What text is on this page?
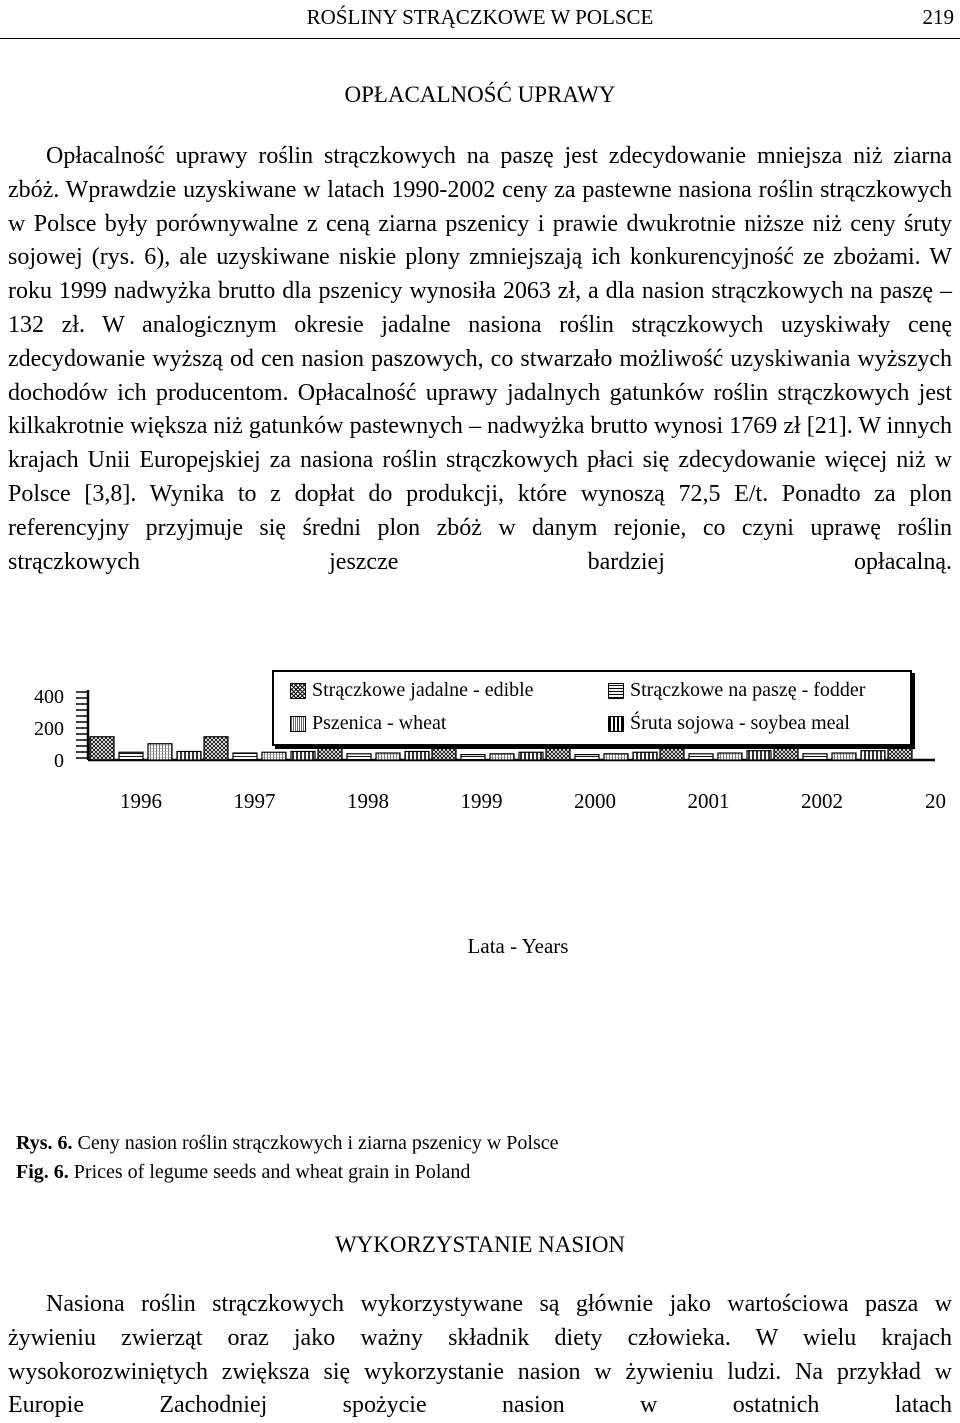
ROŚLINY STRĄCZKOWE W POLSCE	219
OPŁACALNOŚĆ UPRAWY

Opłacalność uprawy roślin strączkowych na paszę jest zdecydowanie mniejsza niż ziarna zbóż. Wprawdzie uzyskiwane w latach 1990-2002 ceny za pastewne nasiona roślin strączkowych w Polsce były porównywalne z ceną ziarna pszenicy i prawie dwukrotnie niższe niż ceny śruty sojowej (rys. 6), ale uzyskiwane niskie plony zmniejszają ich konkurencyjność ze zbożami. W roku 1999 nadwyżka brutto dla pszenicy wynosiła 2063 zł, a dla nasion strączkowych na paszę – 132 zł. W analogicznym okresie jadalne nasiona roślin strączkowych uzyskiwały cenę zdecydowanie wyższą od cen nasion paszowych, co stwarzało możliwość uzyskiwania wyższych dochodów ich producentom. Opłacalność uprawy jadalnych gatunków roślin strączkowych jest kilkakrotnie większa niż gatunków pastewnych – nadwyżka brutto wynosi 1769 zł [21]. W innych krajach Unii Europejskiej za nasiona roślin strączkowych płaci się zdecydowanie więcej niż w Polsce [3,8]. Wynika to z dopłat do produkcji, które wynoszą 72,5 E/t. Ponadto za plon referencyjny przyjmuje się średni plon zbóż w danym rejonie, co czyni uprawę roślin strączkowych jeszcze bardziej opłacalną.

400
200
0
1996	1997	1998	1999	2000	2001	2002	20
Lata - Years
Strączkowe jadalne - edible	Strączkowe na paszę - fodder
Pszenica - wheat	Śruta sojowa - soybea meal
Rys. 6. Ceny nasion roślin strączkowych i ziarna pszenicy w Polsce
Fig. 6. Prices of legume seeds and wheat grain in Poland
WYKORZYSTANIE NASION

Nasiona roślin strączkowych wykorzystywane są głównie jako wartościowa pasza w żywieniu zwierząt oraz jako ważny składnik diety człowieka. W wielu krajach wysokorozwiniętych zwiększa się wykorzystanie nasion w żywieniu ludzi. Na przykład w Europie Zachodniej spożycie nasion w ostatnich latach
